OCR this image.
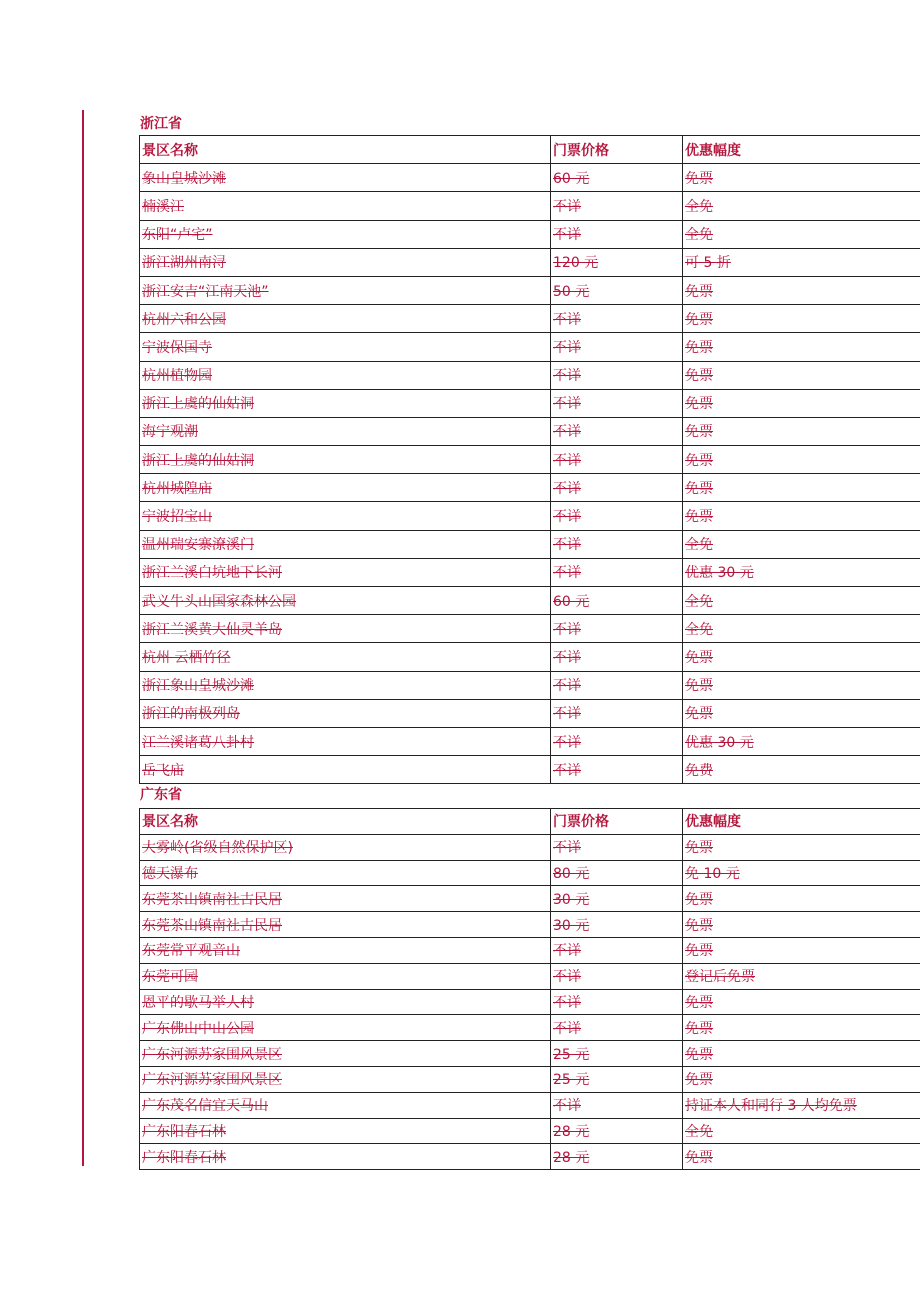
浙江省
景区名称	门票价格	优惠幅度
象山皇城沙滩	60 元	免票
楠溪江	不详	全免
东阳“卢宅”	不详	全免
浙江湖州南浔	120 元	可 5 折
浙江安吉“江南天池”	50 元	免票
杭州六和公园	不详	免票
宁波保国寺	不详	免票
杭州植物园	不详	免票
浙江上虞的仙姑洞	不详	免票
海宁观潮	不详	免票
浙江上虞的仙姑洞	不详	免票
杭州城隍庙	不详	免票
宁波招宝山	不详	免票
温州瑞安寨潦溪门	不详	全免
浙江兰溪白坑地下长河	不详	优惠 30 元
武义牛头山国家森林公园	60 元	全免
浙江兰溪黄大仙灵羊岛	不详	全免
杭州 云栖竹径	不详	免票
浙江象山皇城沙滩	不详	免票
浙江的南极列岛	不详	免票
江兰溪诸葛八卦村	不详	优惠 30 元
岳飞庙	不详	免费
广东省
景区名称	门票价格	优惠幅度
大雾岭(省级自然保护区)	不详	免票
德天瀑布	80 元	免 10 元
东莞茶山镇南社古民居	30 元	免票
东莞茶山镇南社古民居	30 元	免票
东莞常平观音山	不详	免票
东莞可园	不详	登记后免票
恩平的歇马举人村	不详	免票
广东佛山中山公园	不详	免票
广东河源苏家围风景区	25 元	免票
广东河源苏家围风景区	25 元	免票
广东茂名信宜天马山	不详	持证本人和同行 3 人均免票
广东阳春石林	28 元	全免
广东阳春石林	28 元	免票
